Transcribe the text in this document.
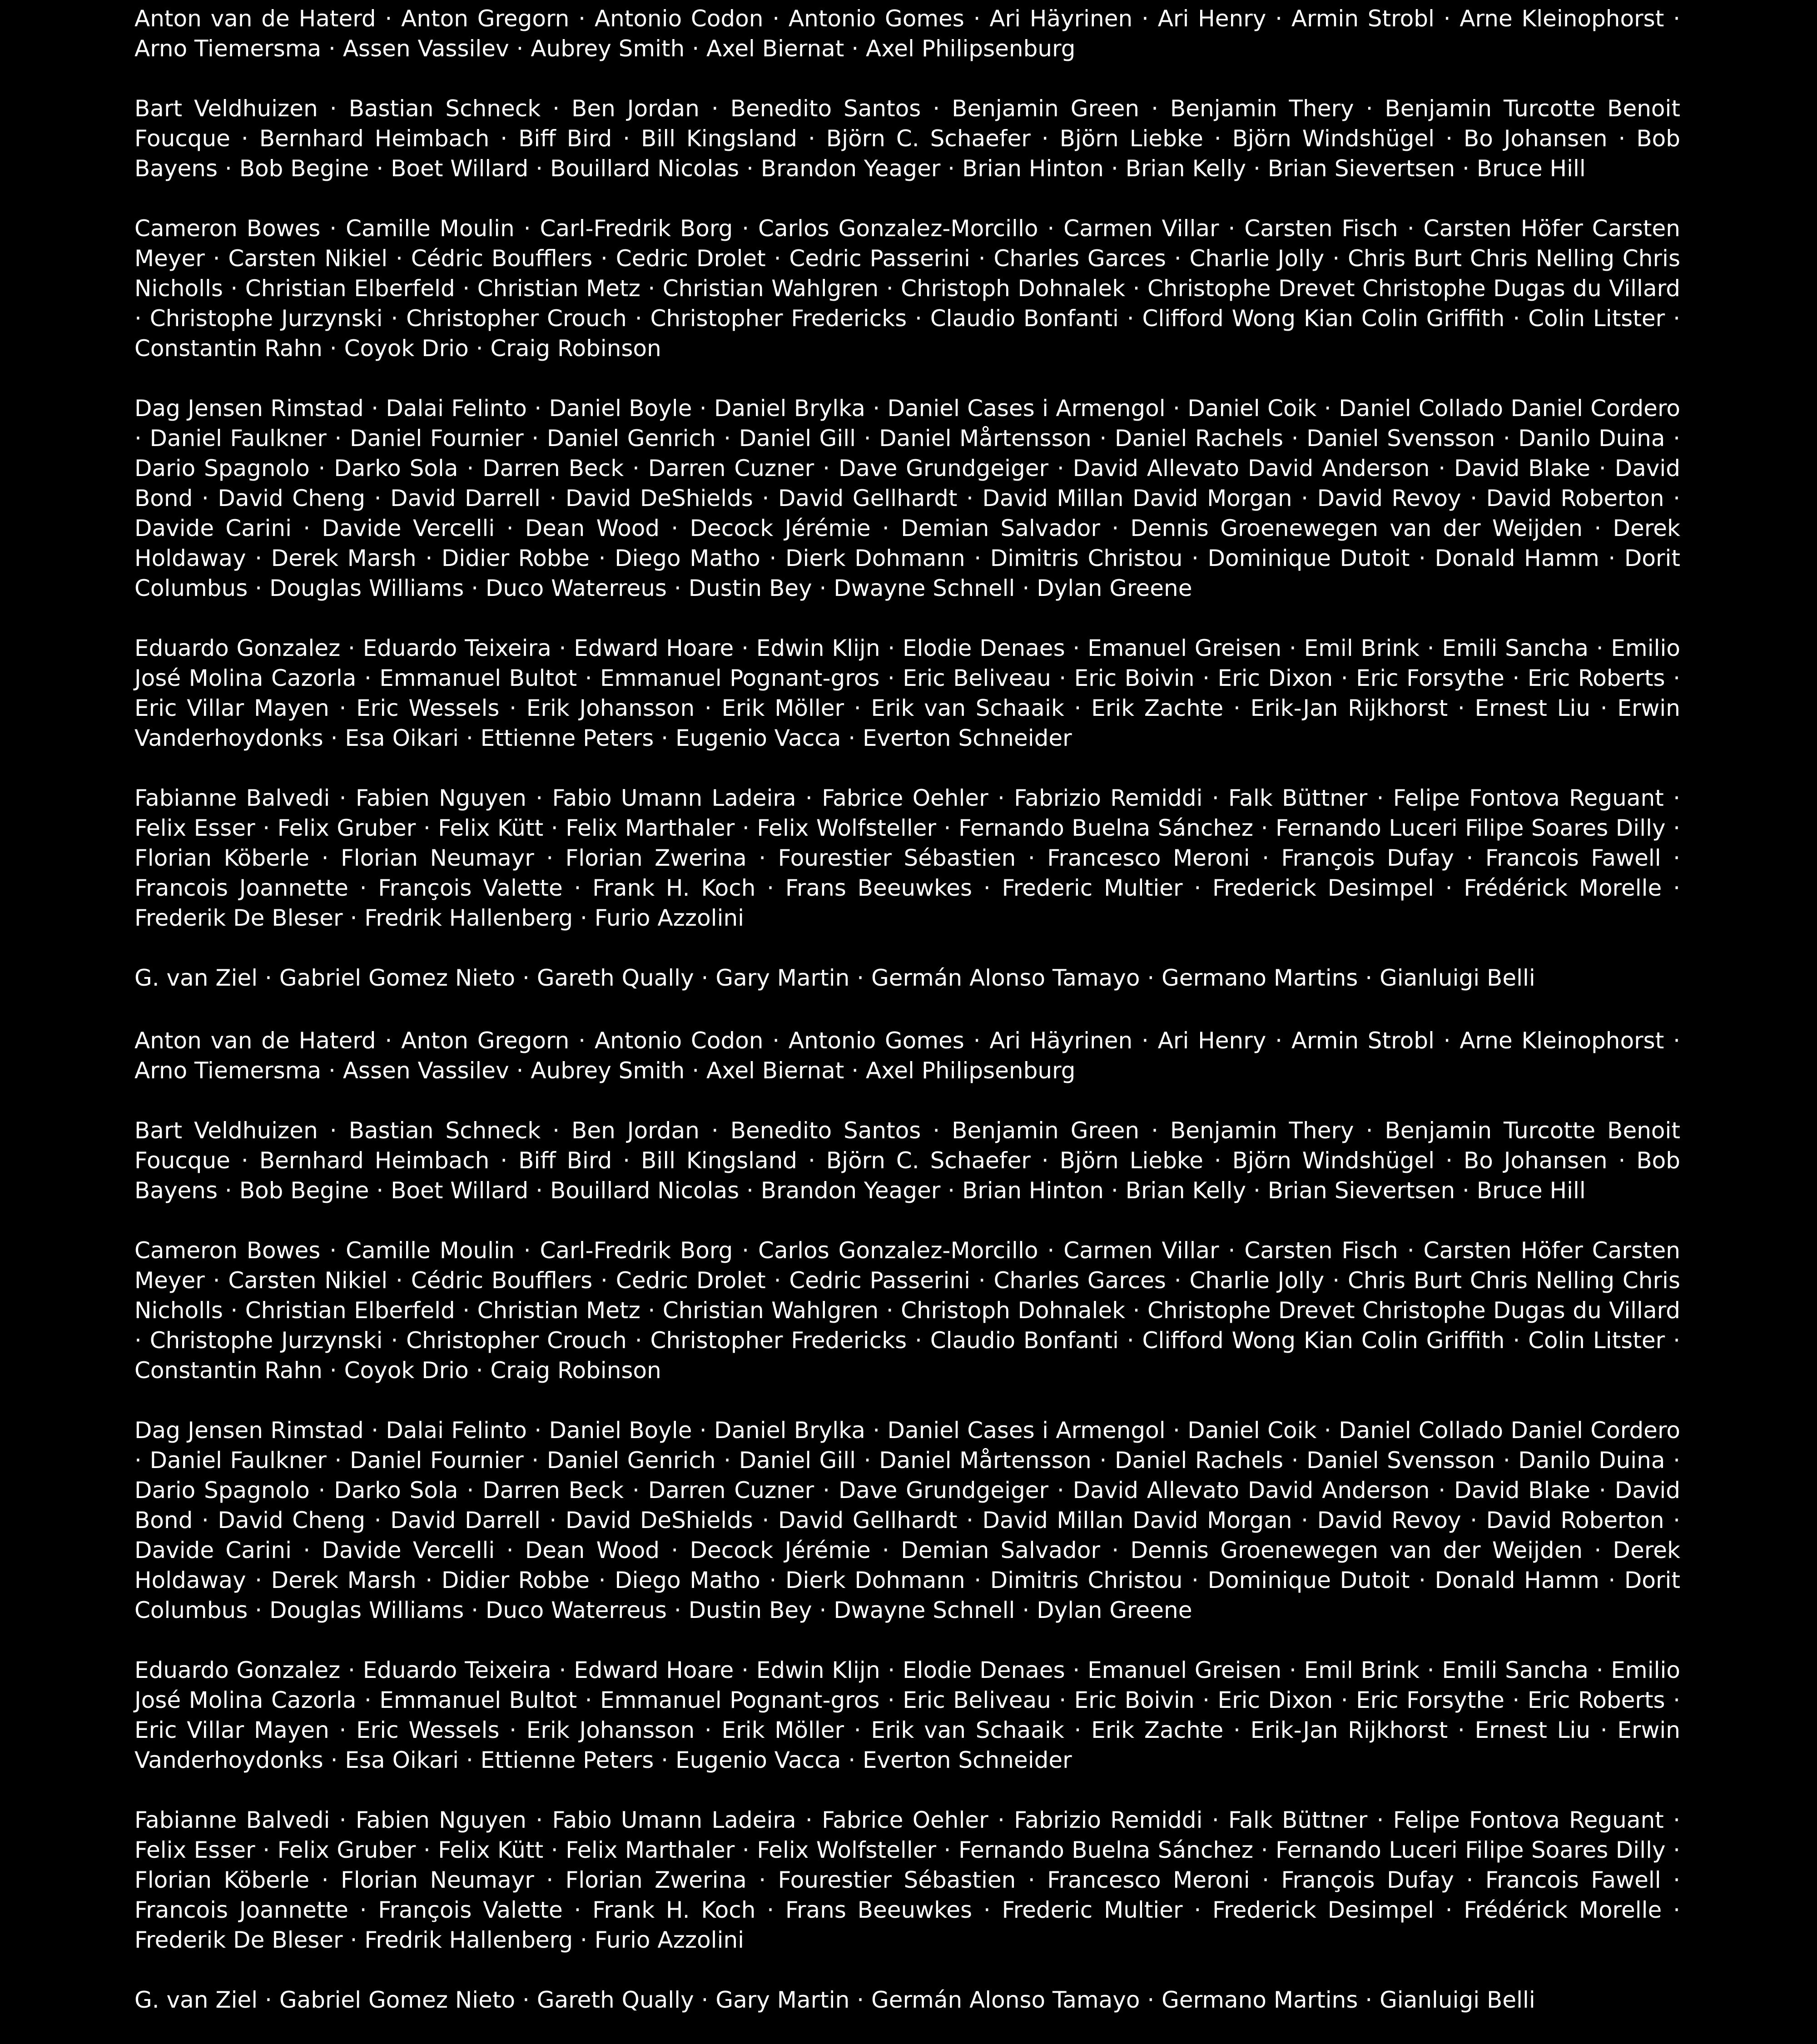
Anton van de Haterd · Anton Gregorn · Antonio Codon · Antonio Gomes · Ari Häyrinen · Ari Henry · Armin Strobl · Arne Kleinophorst · Arno Tiemersma · Assen Vassilev · Aubrey Smith · Axel Biernat · Axel Philipsenburg

Bart Veldhuizen · Bastian Schneck · Ben Jordan · Benedito Santos · Benjamin Green · Benjamin Thery · Benjamin Turcotte Benoit Foucque · Bernhard Heimbach · Biff Bird · Bill Kingsland · Björn C. Schaefer · Björn Liebke · Björn Windshügel · Bo Johansen · Bob Bayens · Bob Begine · Boet Willard · Bouillard Nicolas · Brandon Yeager · Brian Hinton · Brian Kelly · Brian Sievertsen · Bruce Hill

Cameron Bowes · Camille Moulin · Carl-Fredrik Borg · Carlos Gonzalez-Morcillo · Carmen Villar · Carsten Fisch · Carsten Höfer Carsten Meyer · Carsten Nikiel · Cédric Boufflers · Cedric Drolet · Cedric Passerini · Charles Garces · Charlie Jolly · Chris Burt Chris Nelling Chris Nicholls · Christian Elberfeld · Christian Metz · Christian Wahlgren · Christoph Dohnalek · Christophe Drevet Christophe Dugas du Villard · Christophe Jurzynski · Christopher Crouch · Christopher Fredericks · Claudio Bonfanti · Clifford Wong Kian Colin Griffith · Colin Litster · Constantin Rahn · Coyok Drio · Craig Robinson

Dag Jensen Rimstad · Dalai Felinto · Daniel Boyle · Daniel Brylka · Daniel Cases i Armengol · Daniel Coik · Daniel Collado Daniel Cordero · Daniel Faulkner · Daniel Fournier · Daniel Genrich · Daniel Gill · Daniel Mårtensson · Daniel Rachels · Daniel Svensson · Danilo Duina · Dario Spagnolo · Darko Sola · Darren Beck · Darren Cuzner · Dave Grundgeiger · David Allevato David Anderson · David Blake · David Bond · David Cheng · David Darrell · David DeShields · David Gellhardt · David Millan David Morgan · David Revoy · David Roberton · Davide Carini · Davide Vercelli · Dean Wood · Decock Jérémie · Demian Salvador · Dennis Groenewegen van der Weijden · Derek Holdaway · Derek Marsh · Didier Robbe · Diego Matho · Dierk Dohmann · Dimitris Christou · Dominique Dutoit · Donald Hamm · Dorit Columbus · Douglas Williams · Duco Waterreus · Dustin Bey · Dwayne Schnell · Dylan Greene

Eduardo Gonzalez · Eduardo Teixeira · Edward Hoare · Edwin Klijn · Elodie Denaes · Emanuel Greisen · Emil Brink · Emili Sancha · Emilio José Molina Cazorla · Emmanuel Bultot · Emmanuel Pognant-gros · Eric Beliveau · Eric Boivin · Eric Dixon · Eric Forsythe · Eric Roberts · Eric Villar Mayen · Eric Wessels · Erik Johansson · Erik Möller · Erik van Schaaik · Erik Zachte · Erik-Jan Rijkhorst · Ernest Liu · Erwin Vanderhoydonks · Esa Oikari · Ettienne Peters · Eugenio Vacca · Everton Schneider

Fabianne Balvedi · Fabien Nguyen · Fabio Umann Ladeira · Fabrice Oehler · Fabrizio Remiddi · Falk Büttner · Felipe Fontova Reguant · Felix Esser · Felix Gruber · Felix Kütt · Felix Marthaler · Felix Wolfsteller · Fernando Buelna Sánchez · Fernando Luceri Filipe Soares Dilly · Florian Köberle · Florian Neumayr · Florian Zwerina · Fourestier Sébastien · Francesco Meroni · François Dufay · Francois Fawell · Francois Joannette · François Valette · Frank H. Koch · Frans Beeuwkes · Frederic Multier · Frederick Desimpel · Frédérick Morelle · Frederik De Bleser · Fredrik Hallenberg · Furio Azzolini

G. van Ziel · Gabriel Gomez Nieto · Gareth Qually · Gary Martin · Germán Alonso Tamayo · Germano Martins · Gianluigi Belli

Anton van de Haterd · Anton Gregorn · Antonio Codon · Antonio Gomes · Ari Häyrinen · Ari Henry · Armin Strobl · Arne Kleinophorst · Arno Tiemersma · Assen Vassilev · Aubrey Smith · Axel Biernat · Axel Philipsenburg

Bart Veldhuizen · Bastian Schneck · Ben Jordan · Benedito Santos · Benjamin Green · Benjamin Thery · Benjamin Turcotte Benoit Foucque · Bernhard Heimbach · Biff Bird · Bill Kingsland · Björn C. Schaefer · Björn Liebke · Björn Windshügel · Bo Johansen · Bob Bayens · Bob Begine · Boet Willard · Bouillard Nicolas · Brandon Yeager · Brian Hinton · Brian Kelly · Brian Sievertsen · Bruce Hill

Cameron Bowes · Camille Moulin · Carl-Fredrik Borg · Carlos Gonzalez-Morcillo · Carmen Villar · Carsten Fisch · Carsten Höfer Carsten Meyer · Carsten Nikiel · Cédric Boufflers · Cedric Drolet · Cedric Passerini · Charles Garces · Charlie Jolly · Chris Burt Chris Nelling Chris Nicholls · Christian Elberfeld · Christian Metz · Christian Wahlgren · Christoph Dohnalek · Christophe Drevet Christophe Dugas du Villard · Christophe Jurzynski · Christopher Crouch · Christopher Fredericks · Claudio Bonfanti · Clifford Wong Kian Colin Griffith · Colin Litster · Constantin Rahn · Coyok Drio · Craig Robinson

Dag Jensen Rimstad · Dalai Felinto · Daniel Boyle · Daniel Brylka · Daniel Cases i Armengol · Daniel Coik · Daniel Collado Daniel Cordero · Daniel Faulkner · Daniel Fournier · Daniel Genrich · Daniel Gill · Daniel Mårtensson · Daniel Rachels · Daniel Svensson · Danilo Duina · Dario Spagnolo · Darko Sola · Darren Beck · Darren Cuzner · Dave Grundgeiger · David Allevato David Anderson · David Blake · David Bond · David Cheng · David Darrell · David DeShields · David Gellhardt · David Millan David Morgan · David Revoy · David Roberton · Davide Carini · Davide Vercelli · Dean Wood · Decock Jérémie · Demian Salvador · Dennis Groenewegen van der Weijden · Derek Holdaway · Derek Marsh · Didier Robbe · Diego Matho · Dierk Dohmann · Dimitris Christou · Dominique Dutoit · Donald Hamm · Dorit Columbus · Douglas Williams · Duco Waterreus · Dustin Bey · Dwayne Schnell · Dylan Greene

Eduardo Gonzalez · Eduardo Teixeira · Edward Hoare · Edwin Klijn · Elodie Denaes · Emanuel Greisen · Emil Brink · Emili Sancha · Emilio José Molina Cazorla · Emmanuel Bultot · Emmanuel Pognant-gros · Eric Beliveau · Eric Boivin · Eric Dixon · Eric Forsythe · Eric Roberts · Eric Villar Mayen · Eric Wessels · Erik Johansson · Erik Möller · Erik van Schaaik · Erik Zachte · Erik-Jan Rijkhorst · Ernest Liu · Erwin Vanderhoydonks · Esa Oikari · Ettienne Peters · Eugenio Vacca · Everton Schneider

Fabianne Balvedi · Fabien Nguyen · Fabio Umann Ladeira · Fabrice Oehler · Fabrizio Remiddi · Falk Büttner · Felipe Fontova Reguant · Felix Esser · Felix Gruber · Felix Kütt · Felix Marthaler · Felix Wolfsteller · Fernando Buelna Sánchez · Fernando Luceri Filipe Soares Dilly · Florian Köberle · Florian Neumayr · Florian Zwerina · Fourestier Sébastien · Francesco Meroni · François Dufay · Francois Fawell · Francois Joannette · François Valette · Frank H. Koch · Frans Beeuwkes · Frederic Multier · Frederick Desimpel · Frédérick Morelle · Frederik De Bleser · Fredrik Hallenberg · Furio Azzolini

G. van Ziel · Gabriel Gomez Nieto · Gareth Qually · Gary Martin · Germán Alonso Tamayo · Germano Martins · Gianluigi Belli
